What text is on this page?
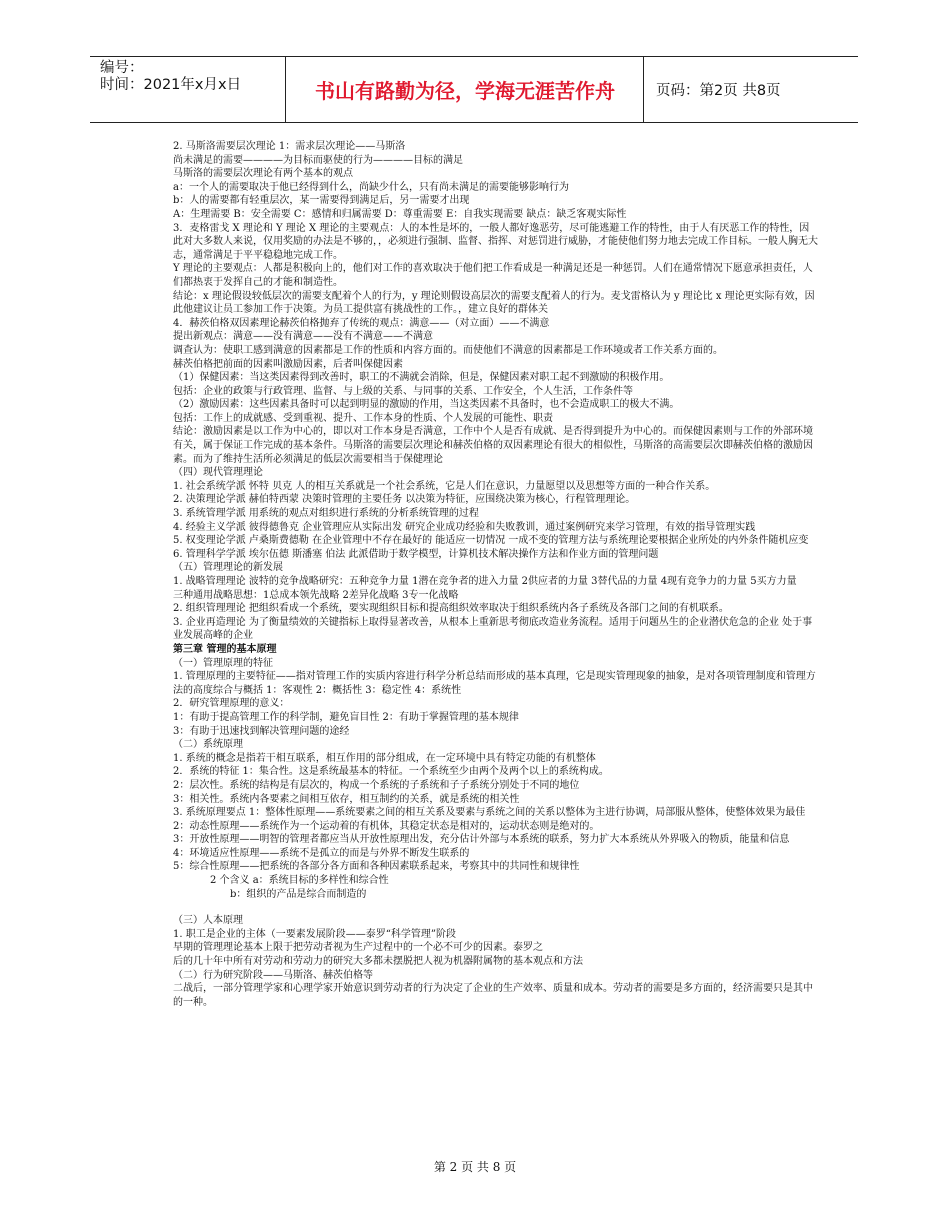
编号：
时间：2021年x月x日	书山有路勤为径，学海无涯苦作舟	页码：第2页 共8页
2. 马斯洛需要层次理论 1：需求层次理论——马斯洛
尚未满足的需要————为目标而驱使的行为————目标的满足
马斯洛的需要层次理论有两个基本的观点
a：一个人的需要取决于他已经得到什么，尚缺少什么，只有尚未满足的需要能够影响行为
b：人的需要都有轻重层次，某一需要得到满足后，另一需要才出现
A：生理需要 B：安全需要 C：感情和归属需要 D：尊重需要 E：自我实现需要 缺点：缺乏客观实际性
3．麦格雷戈 X 理论和 Y 理论 X 理论的主要观点：人的本性是坏的，一般人都好逸恶劳，尽可能逃避工作的特性，由于人有厌恶工作的特性，因此对大多数人来说，仅用奖励的办法是不够的，，必须进行强制、监督、指挥、对惩罚进行威胁，才能使他们努力地去完成工作目标。一般人胸无大志，通常满足于平平稳稳地完成工作。
Y 理论的主要观点：人都是积极向上的，他们对工作的喜欢取决于他们把工作看成是一种满足还是一种惩罚。人们在通常情况下愿意承担责任，人们都热衷于发挥自己的才能和制造性。
结论：x 理论假设较低层次的需要支配着个人的行为，y 理论则假设高层次的需要支配着人的行为。麦戈雷格认为 y 理论比 x 理论更实际有效，因此他建议让员工参加工作于决策。为员工提供富有挑战性的工作。，建立良好的群体关
4．赫茨伯格双因素理论赫茨伯格抛弃了传统的观点：满意——（对立面）——不满意
提出新观点：满意——没有满意——没有不满意——不满意
调查认为：使职工感到满意的因素都是工作的性质和内容方面的。而使他们不满意的因素都是工作环境或者工作关系方面的。
赫茨伯格把前面的因素叫激励因素，后者叫保健因素
（1）保健因素：当这类因素得到改善时，职工的不满就会消除，但是，保健因素对职工起不到激励的积极作用。
包括：企业的政策与行政管理、监督、与上级的关系、与同事的关系、工作安全，个人生活，工作条件等
（2）激励因素：这些因素具备时可以起到明显的激励的作用，当这类因素不具备时，也不会造成职工的极大不满。
包括：工作上的成就感、受到重视、提升、工作本身的性质、个人发展的可能性、职责
结论：激励因素是以工作为中心的，即以对工作本身是否满意，工作中个人是否有成就、是否得到提升为中心的。而保健因素则与工作的外部环境有关，属于保证工作完成的基本条件。马斯洛的需要层次理论和赫茨伯格的双因素理论有很大的相似性，马斯洛的高需要层次即赫茨伯格的激励因素。而为了维持生活所必须满足的低层次需要相当于保健理论
（四）现代管理理论
1. 社会系统学派 怀特 贝克 人的相互关系就是一个社会系统，它是人们在意识，力量愿望以及思想等方面的一种合作关系。
2. 决策理论学派 赫伯特西蒙 决策时管理的主要任务 以决策为特征，应围绕决策为核心，行程管理理论。
3. 系统管理学派 用系统的观点对组织进行系统的分析系统管理的过程
4. 经验主义学派 彼得德鲁克 企业管理应从实际出发 研究企业成功经验和失败教训，通过案例研究来学习管理，有效的指导管理实践
5. 权变理论学派 卢桑斯费德勒 在企业管理中不存在最好的 能适应一切情况 一成不变的管理方法与系统理论要根据企业所处的内外条件随机应变
6. 管理科学学派 埃尔伍德 斯潘塞 伯法 此派借助于数学模型，计算机技术解决操作方法和作业方面的管理问题
（五）管理理论的新发展
1. 战略管理理论 波特的竞争战略研究：五种竞争力量 1潜在竞争者的进入力量 2供应者的力量 3替代品的力量 4现有竞争力的力量 5买方力量
三种通用战略思想：1总成本领先战略 2差异化战略 3专一化战略
2. 组织管理理论 把组织看成一个系统，要实现组织目标和提高组织效率取决于组织系统内各子系统及各部门之间的有机联系。
3. 企业再造理论 为了衡量绩效的关键指标上取得显著改善，从根本上重新思考彻底改造业务流程。适用于问题丛生的企业潜伏危急的企业 处于事业发展高峰的企业
第三章 管理的基本原理
（一）管理原理的特征
1. 管理原理的主要特征——指对管理工作的实质内容进行科学分析总结而形成的基本真理，它是现实管理现象的抽象，是对各项管理制度和管理方法的高度综合与概括 1：客观性 2：概括性 3：稳定性 4：系统性
2．研究管理原理的意义：
1：有助于提高管理工作的科学制，避免盲目性 2：有助于掌握管理的基本规律
3：有助于迅速找到解决管理问题的途经
（二）系统原理
1. 系统的概念是指若干相互联系，相互作用的部分组成，在一定环境中具有特定功能的有机整体
2．系统的特征 1：集合性。这是系统最基本的特征。一个系统至少由两个及两个以上的系统构成。
2：层次性。系统的结构是有层次的，构成一个系统的子系统和子子系统分别处于不同的地位
3：相关性。系统内各要素之间相互依存，相互制约的关系，就是系统的相关性
3. 系统原理要点 1：整体性原理——系统要素之间的相互关系及要素与系统之间的关系以整体为主进行协调，局部服从整体，使整体效果为最佳
2：动态性原理——系统作为一个运动着的有机体，其稳定状态是相对的，运动状态则是绝对的。
3：开放性原理——明智的管理者都应当从开放性原理出发，充分估计外部与本系统的联系，努力扩大本系统从外界吸入的物质，能量和信息
4：环境适应性原理——系统不是孤立的而是与外界不断发生联系的
5：综合性原理——把系统的各部分各方面和各种因素联系起来，考察其中的共同性和规律性
2 个含义 a：系统目标的多样性和综合性
b：组织的产品是综合而制造的
（三）人本原理
1. 职工是企业的主体（一要素发展阶段——泰罗“科学管理”阶段
早期的管理理论基本上限于把劳动者视为生产过程中的一个必不可少的因素。泰罗之
后的几十年中所有对劳动和劳动力的研究大多都未摆脱把人视为机器附属物的基本观点和方法
（二）行为研究阶段——马斯洛、赫茨伯格等
二战后，一部分管理学家和心理学家开始意识到劳动者的行为决定了企业的生产效率、质量和成本。劳动者的需要是多方面的，经济需要只是其中的一种。
第 2 页 共 8 页
